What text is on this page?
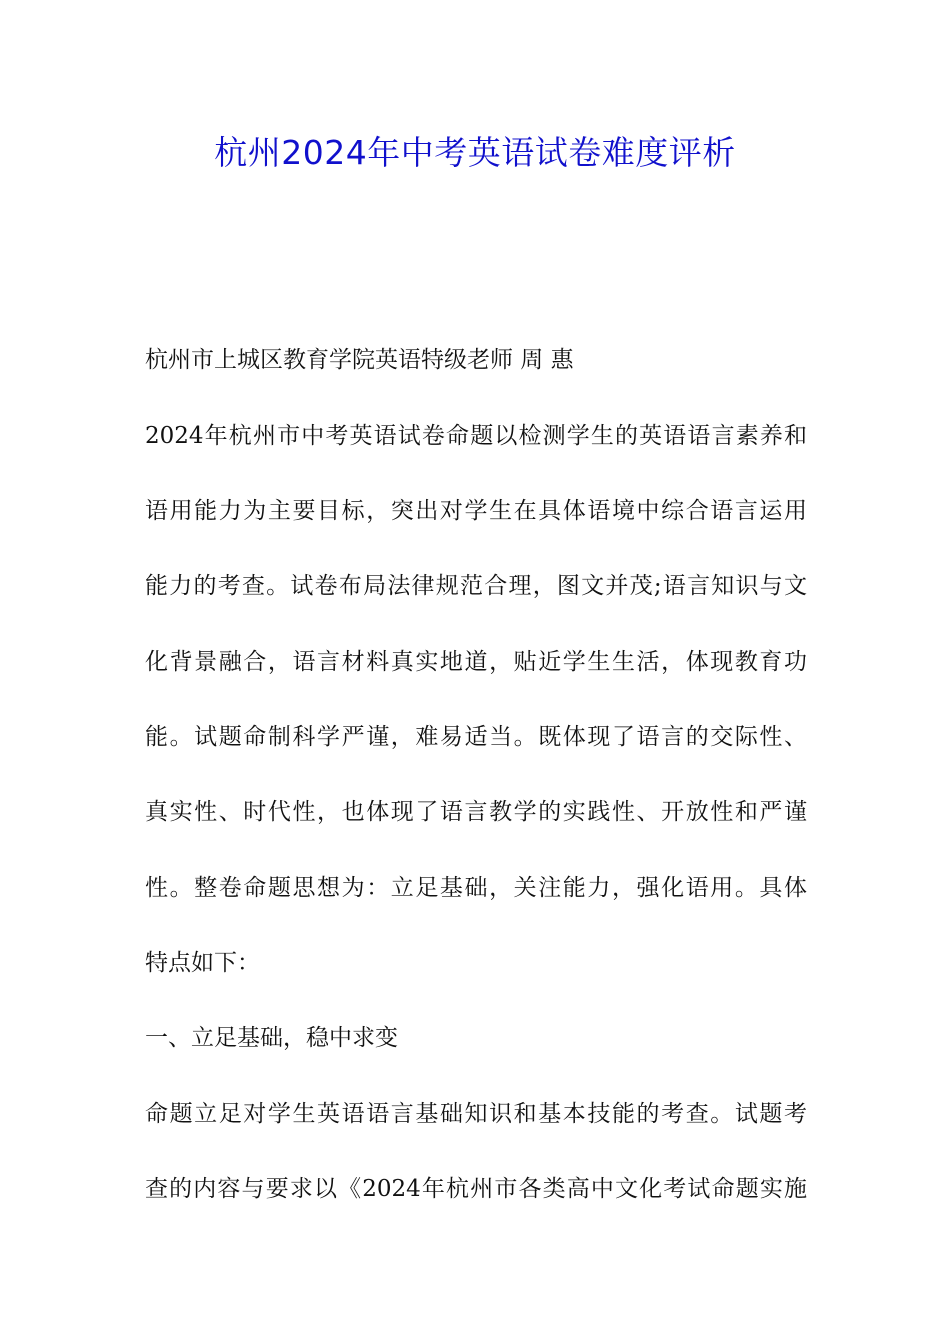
杭州2024年中考英语试卷难度评析

杭州市上城区教育学院英语特级老师 周 惠

2024年杭州市中考英语试卷命题以检测学生的英语语言素养和

语用能力为主要目标，突出对学生在具体语境中综合语言运用

能力的考查。试卷布局法律规范合理，图文并茂;语言知识与文

化背景融合，语言材料真实地道，贴近学生生活，体现教育功

能。试题命制科学严谨，难易适当。既体现了语言的交际性、

真实性、时代性，也体现了语言教学的实践性、开放性和严谨

性。整卷命题思想为：立足基础，关注能力，强化语用。具体

特点如下：

一、立足基础，稳中求变

命题立足对学生英语语言基础知识和基本技能的考查。试题考

查的内容与要求以《2024年杭州市各类高中文化考试命题实施
